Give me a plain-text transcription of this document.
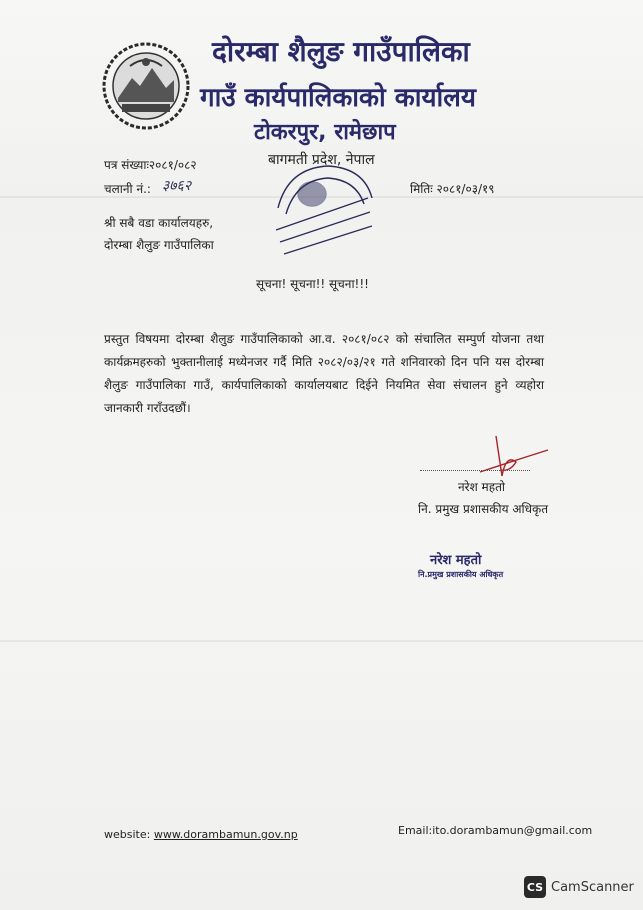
दोरम्बा शैलुङ गाउँपालिका
गाउँ कार्यपालिकाको कार्यालय
टोकरपुर, रामेछाप
बागमती प्रदेश, नेपाल
पत्र संख्याः२०८१/०८२
चलानी नं.: ३७६२	मितिः २०८१/०३/१९
श्री सबै वडा कार्यालयहरु,
दोरम्बा शैलुङ गाउँपालिका
सूचना! सूचना!! सूचना!!!
प्रस्तुत विषयमा दोरम्बा शैलुङ गाउँपालिकाको आ.व. २०८१/०८२ को संचालित सम्पुर्ण योजना तथा कार्यक्रमहरुको भुक्तानीलाई मध्येनजर गर्दै मिति २०८२/०३/२१ गते शनिवारको दिन पनि यस दोरम्बा शैलुङ गाउँपालिका गाउँ, कार्यपालिकाको कार्यालयबाट दिईने नियमित सेवा संचालन हुने व्यहोरा जानकारी गराँउदछौं।
नरेश महतो
नि. प्रमुख प्रशासकीय अधिकृत
नरेश महतो
नि.प्रमुख प्रशासकीय अधिकृत
website: www.dorambamun.gov.np	Email:ito.dorambamun@gmail.com
CS CamScanner
